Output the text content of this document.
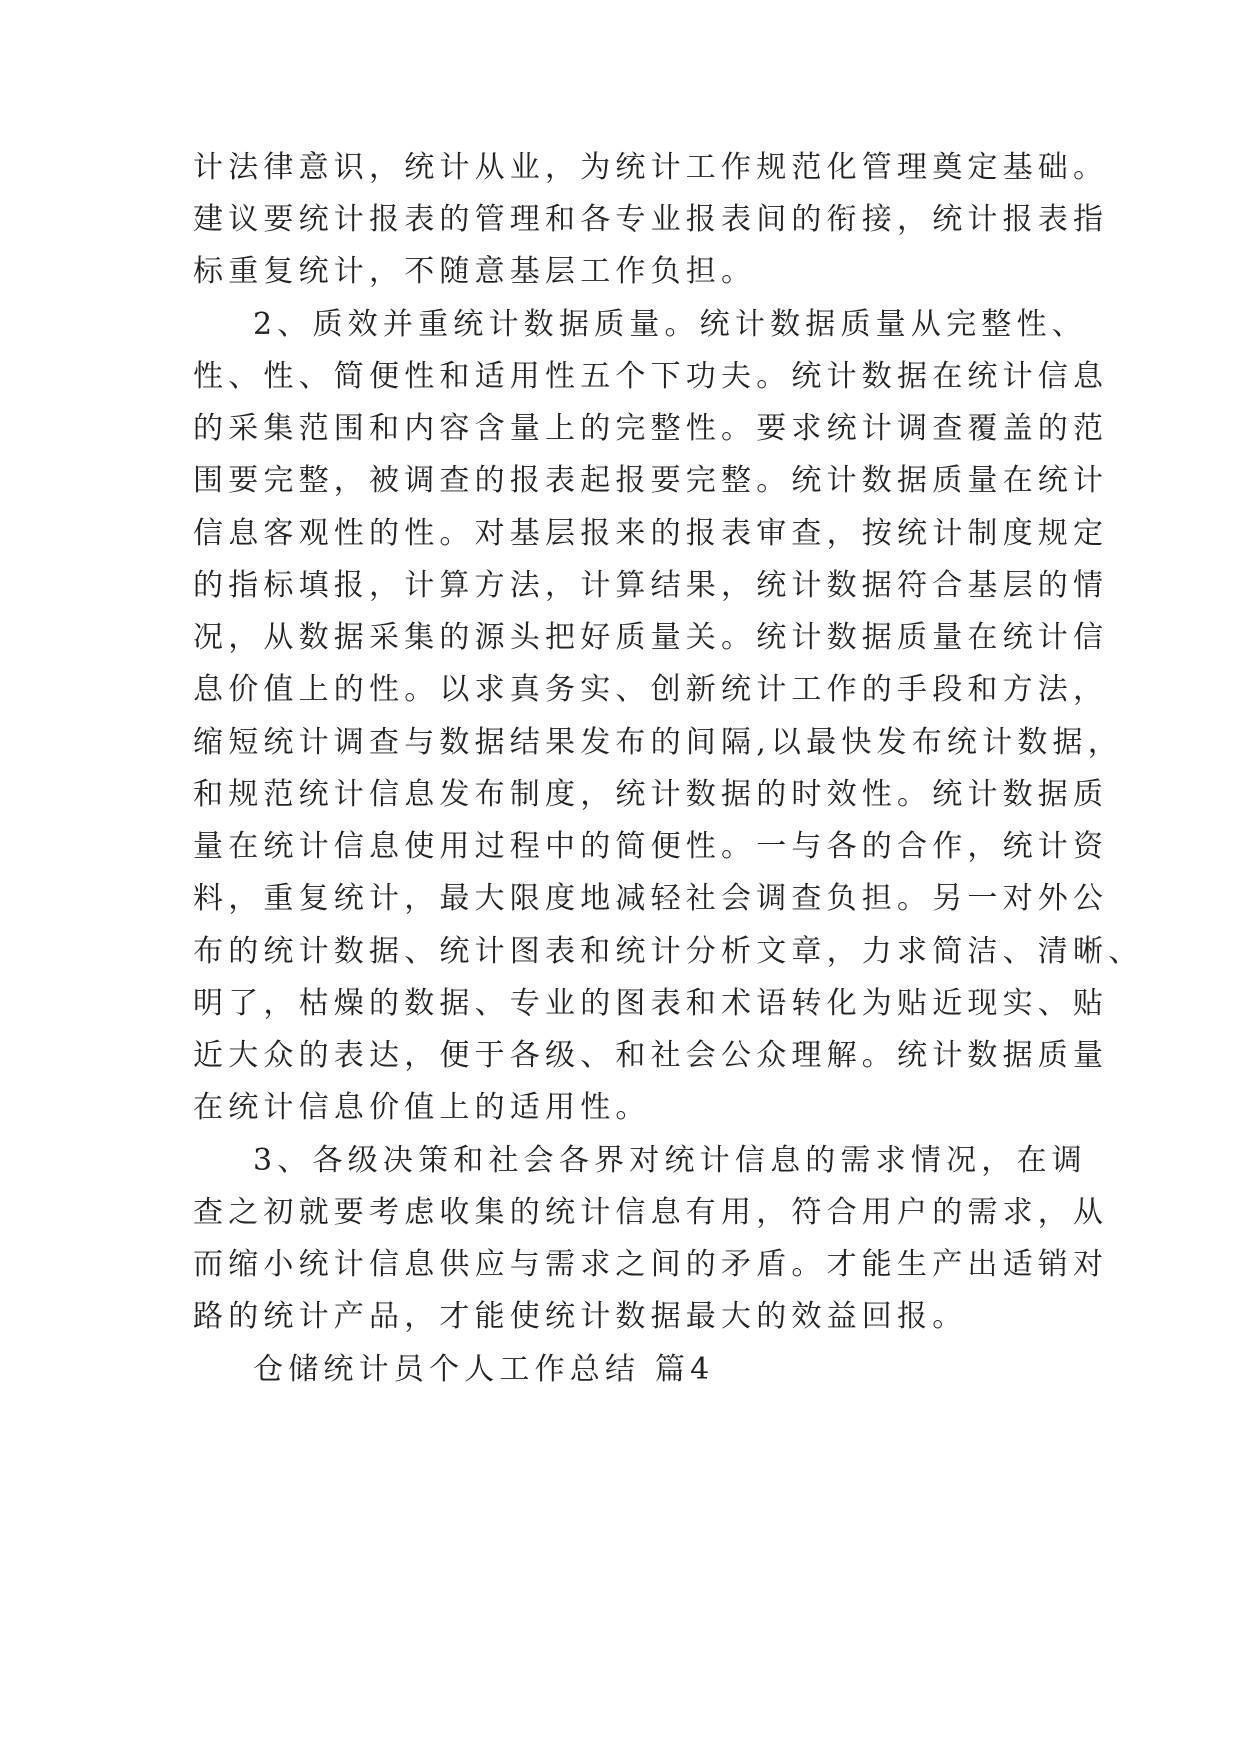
计法律意识，统计从业，为统计工作规范化管理奠定基础。
建议要统计报表的管理和各专业报表间的衔接，统计报表指
标重复统计，不随意基层工作负担。
2、质效并重统计数据质量。统计数据质量从完整性、
性、性、简便性和适用性五个下功夫。统计数据在统计信息
的采集范围和内容含量上的完整性。要求统计调查覆盖的范
围要完整，被调查的报表起报要完整。统计数据质量在统计
信息客观性的性。对基层报来的报表审查，按统计制度规定
的指标填报，计算方法，计算结果，统计数据符合基层的情
况，从数据采集的源头把好质量关。统计数据质量在统计信
息价值上的性。以求真务实、创新统计工作的手段和方法，
缩短统计调查与数据结果发布的间隔,以最快发布统计数据，
和规范统计信息发布制度，统计数据的时效性。统计数据质
量在统计信息使用过程中的简便性。一与各的合作，统计资
料，重复统计，最大限度地减轻社会调查负担。另一对外公
布的统计数据、统计图表和统计分析文章，力求简洁、清晰、
明了，枯燥的数据、专业的图表和术语转化为贴近现实、贴
近大众的表达，便于各级、和社会公众理解。统计数据质量
在统计信息价值上的适用性。
3、各级决策和社会各界对统计信息的需求情况，在调
查之初就要考虑收集的统计信息有用，符合用户的需求，从
而缩小统计信息供应与需求之间的矛盾。才能生产出适销对
路的统计产品，才能使统计数据最大的效益回报。
仓储统计员个人工作总结 篇4
